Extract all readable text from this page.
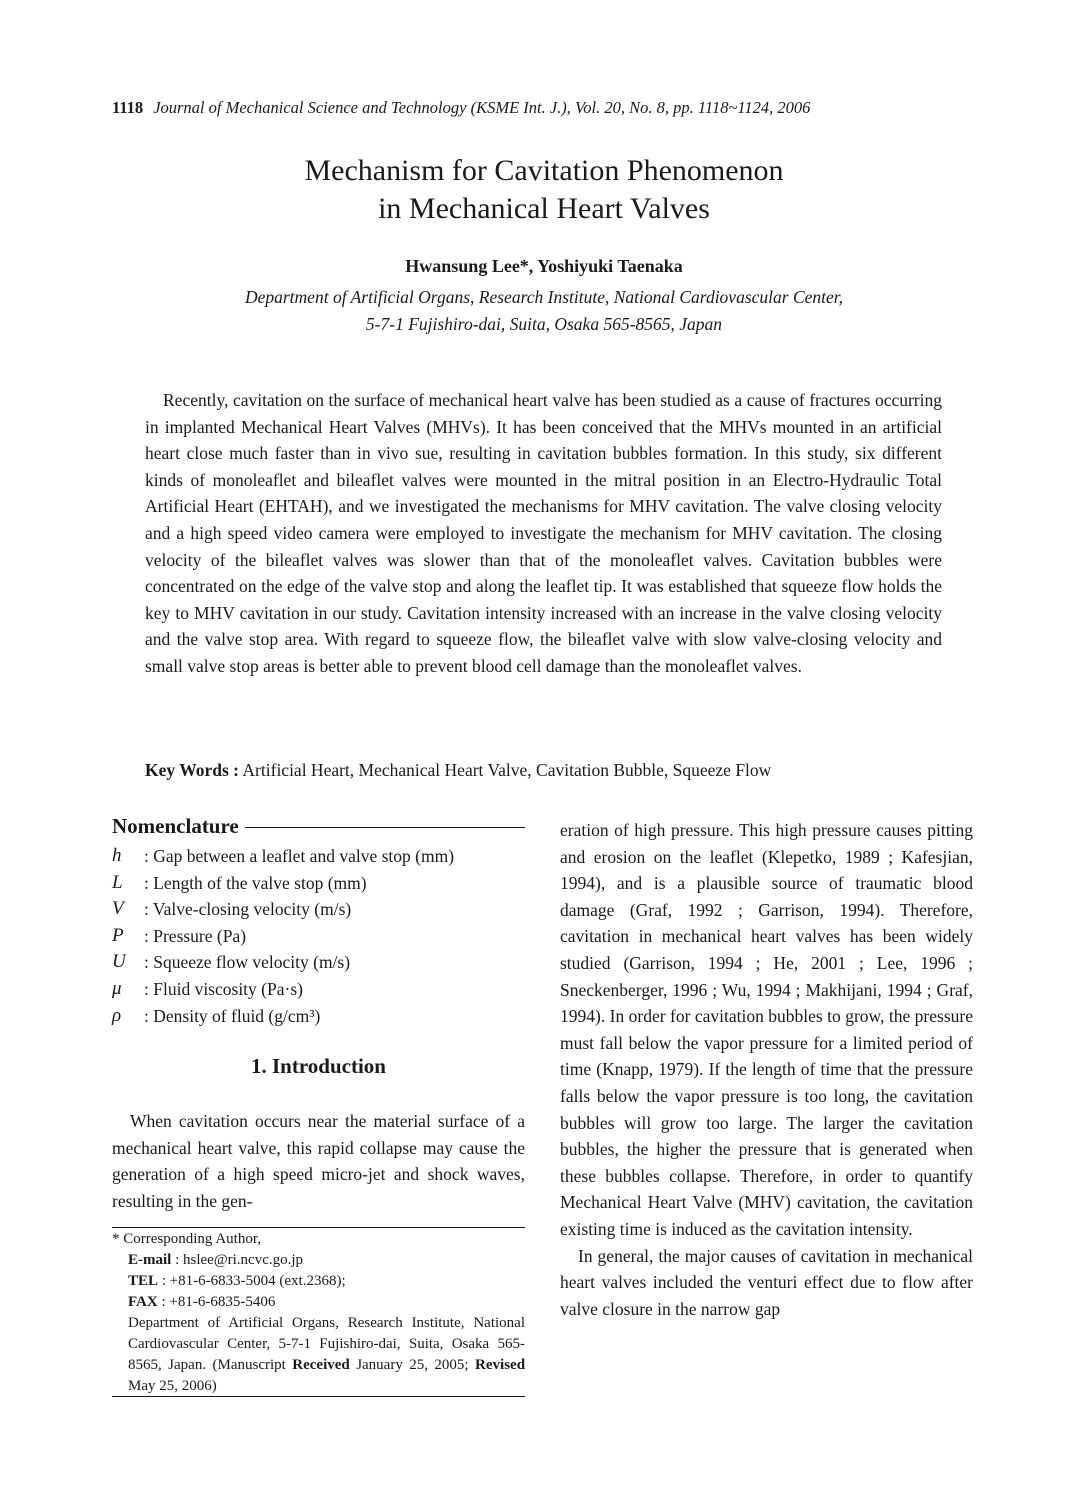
1118 Journal of Mechanical Science and Technology (KSME Int. J.), Vol. 20, No. 8, pp. 1118~1124, 2006
Mechanism for Cavitation Phenomenon
in Mechanical Heart Valves
Hwansung Lee*, Yoshiyuki Taenaka
Department of Artificial Organs, Research Institute, National Cardiovascular Center,
5-7-1 Fujishiro-dai, Suita, Osaka 565-8565, Japan
Recently, cavitation on the surface of mechanical heart valve has been studied as a cause of fractures occurring in implanted Mechanical Heart Valves (MHVs). It has been conceived that the MHVs mounted in an artificial heart close much faster than in vivo sue, resulting in cavitation bubbles formation. In this study, six different kinds of monoleaflet and bileaflet valves were mounted in the mitral position in an Electro-Hydraulic Total Artificial Heart (EHTAH), and we investigated the mechanisms for MHV cavitation. The valve closing velocity and a high speed video camera were employed to investigate the mechanism for MHV cavitation. The closing velocity of the bileaflet valves was slower than that of the monoleaflet valves. Cavitation bubbles were concentrated on the edge of the valve stop and along the leaflet tip. It was established that squeeze flow holds the key to MHV cavitation in our study. Cavitation intensity increased with an increase in the valve closing velocity and the valve stop area. With regard to squeeze flow, the bileaflet valve with slow valve-closing velocity and small valve stop areas is better able to prevent blood cell damage than the monoleaflet valves.
Key Words : Artificial Heart, Mechanical Heart Valve, Cavitation Bubble, Squeeze Flow
Nomenclature
h	: Gap between a leaflet and valve stop (mm)
L	: Length of the valve stop (mm)
V	: Valve-closing velocity (m/s)
P	: Pressure (Pa)
U	: Squeeze flow velocity (m/s)
μ	: Fluid viscosity (Pa·s)
ρ	: Density of fluid (g/cm³)
1. Introduction
When cavitation occurs near the material surface of a mechanical heart valve, this rapid collapse may cause the generation of a high speed micro-jet and shock waves, resulting in the gen-
* Corresponding Author,
E-mail : hslee@ri.ncvc.go.jp
TEL : +81-6-6833-5004 (ext.2368);
FAX : +81-6-6835-5406
Department of Artificial Organs, Research Institute, National Cardiovascular Center, 5-7-1 Fujishiro-dai, Suita, Osaka 565-8565, Japan. (Manuscript Received January 25, 2005; Revised May 25, 2006)

eration of high pressure. This high pressure causes pitting and erosion on the leaflet (Klepetko, 1989 ; Kafesjian, 1994), and is a plausible source of traumatic blood damage (Graf, 1992 ; Garrison, 1994). Therefore, cavitation in mechanical heart valves has been widely studied (Garrison, 1994 ; He, 2001 ; Lee, 1996 ; Sneckenberger, 1996 ; Wu, 1994 ; Makhijani, 1994 ; Graf, 1994). In order for cavitation bubbles to grow, the pressure must fall below the vapor pressure for a limited period of time (Knapp, 1979). If the length of time that the pressure falls below the vapor pressure is too long, the cavitation bubbles will grow too large. The larger the cavitation bubbles, the higher the pressure that is generated when these bubbles collapse. Therefore, in order to quantify Mechanical Heart Valve (MHV) cavitation, the cavitation existing time is induced as the cavitation intensity.

In general, the major causes of cavitation in mechanical heart valves included the venturi effect due to flow after valve closure in the narrow gap
